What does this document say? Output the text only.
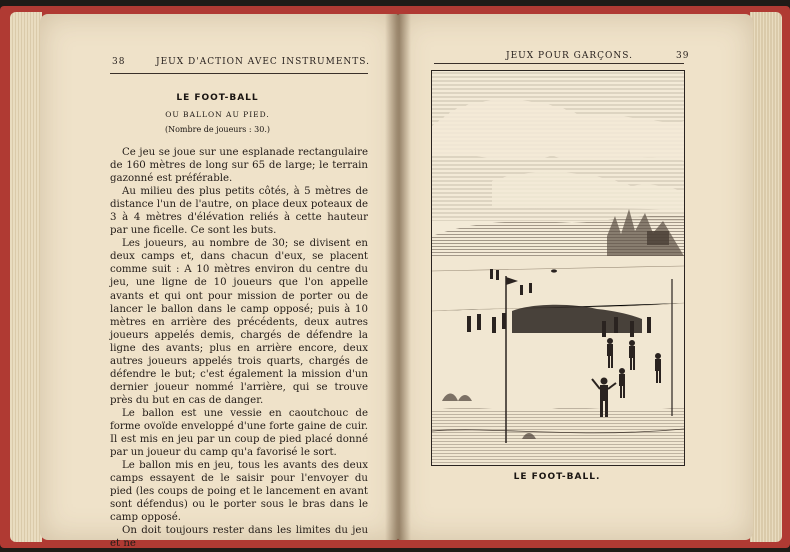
38	JEUX D'ACTION AVEC INSTRUMENTS.
LE FOOT-BALL
OU BALLON AU PIED.
(Nombre de joueurs : 30.)

Ce jeu se joue sur une esplanade rectangulaire de 160 mètres de long sur 65 de large; le terrain gazonné est préférable.

Au milieu des plus petits côtés, à 5 mètres de distance l'un de l'autre, on place deux poteaux de 3 à 4 mètres d'élévation reliés à cette hauteur par une ficelle. Ce sont les buts.

Les joueurs, au nombre de 30; se divisent en deux camps et, dans chacun d'eux, se placent comme suit : A 10 mètres environ du centre du jeu, une ligne de 10 joueurs que l'on appelle avants et qui ont pour mission de porter ou de lancer le ballon dans le camp opposé; puis à 10 mètres en arrière des précédents, deux autres joueurs appelés demis, chargés de défendre la ligne des avants; plus en arrière encore, deux autres joueurs appelés trois quarts, chargés de défendre le but; c'est également la mission d'un dernier joueur nommé l'arrière, qui se trouve près du but en cas de danger.

Le ballon est une vessie en caoutchouc de forme ovoïde enveloppé d'une forte gaine de cuir. Il est mis en jeu par un coup de pied placé donné par un joueur du camp qu'a favorisé le sort.

Le ballon mis en jeu, tous les avants des deux camps essayent de le saisir pour l'envoyer du pied (les coups de poing et le lancement en avant sont défendus) ou le porter sous le bras dans le camp opposé.

On doit toujours rester dans les limites du jeu et ne

JEUX POUR GARÇONS.	39
LE FOOT-BALL.
